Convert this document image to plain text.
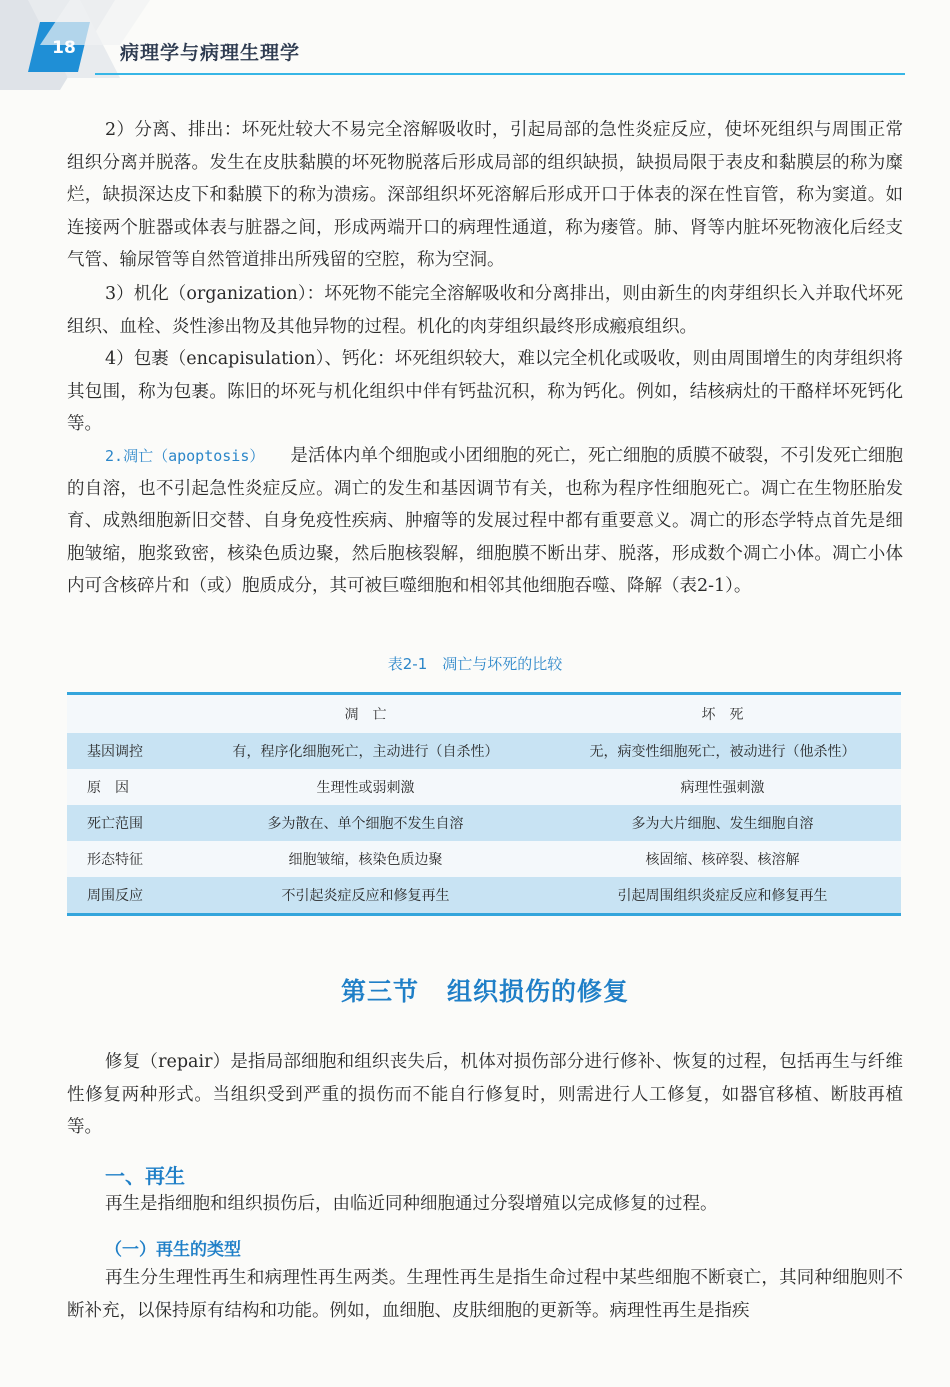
18	病理学与病理生理学

2）分离、排出：坏死灶较大不易完全溶解吸收时，引起局部的急性炎症反应，使坏死组织与周围正常组织分离并脱落。发生在皮肤黏膜的坏死物脱落后形成局部的组织缺损，缺损局限于表皮和黏膜层的称为糜烂，缺损深达皮下和黏膜下的称为溃疡。深部组织坏死溶解后形成开口于体表的深在性盲管，称为窦道。如连接两个脏器或体表与脏器之间，形成两端开口的病理性通道，称为瘘管。肺、肾等内脏坏死物液化后经支气管、输尿管等自然管道排出所残留的空腔，称为空洞。

3）机化（organization）：坏死物不能完全溶解吸收和分离排出，则由新生的肉芽组织长入并取代坏死组织、血栓、炎性渗出物及其他异物的过程。机化的肉芽组织最终形成瘢痕组织。

4）包裹（encapisulation）、钙化：坏死组织较大，难以完全机化或吸收，则由周围增生的肉芽组织将其包围，称为包裹。陈旧的坏死与机化组织中伴有钙盐沉积，称为钙化。例如，结核病灶的干酪样坏死钙化等。

2.凋亡（apoptosis） 是活体内单个细胞或小团细胞的死亡，死亡细胞的质膜不破裂，不引发死亡细胞的自溶，也不引起急性炎症反应。凋亡的发生和基因调节有关，也称为程序性细胞死亡。凋亡在生物胚胎发育、成熟细胞新旧交替、自身免疫性疾病、肿瘤等的发展过程中都有重要意义。凋亡的形态学特点首先是细胞皱缩，胞浆致密，核染色质边聚，然后胞核裂解，细胞膜不断出芽、脱落，形成数个凋亡小体。凋亡小体内可含核碎片和（或）胞质成分，其可被巨噬细胞和相邻其他细胞吞噬、降解（表2-1）。

表2-1　凋亡与坏死的比较
	凋　亡	坏　死
基因调控	有，程序化细胞死亡，主动进行（自杀性）	无，病变性细胞死亡，被动进行（他杀性）
原　因	生理性或弱刺激	病理性强刺激
死亡范围	多为散在、单个细胞不发生自溶	多为大片细胞、发生细胞自溶
形态特征	细胞皱缩，核染色质边聚	核固缩、核碎裂、核溶解
周围反应	不引起炎症反应和修复再生	引起周围组织炎症反应和修复再生
第三节 组织损伤的修复

修复（repair）是指局部细胞和组织丧失后，机体对损伤部分进行修补、恢复的过程，包括再生与纤维性修复两种形式。当组织受到严重的损伤而不能自行修复时，则需进行人工修复，如器官移植、断肢再植等。

一、再生

再生是指细胞和组织损伤后，由临近同种细胞通过分裂增殖以完成修复的过程。

（一）再生的类型

再生分生理性再生和病理性再生两类。生理性再生是指生命过程中某些细胞不断衰亡，其同种细胞则不断补充，以保持原有结构和功能。例如，血细胞、皮肤细胞的更新等。病理性再生是指疾
